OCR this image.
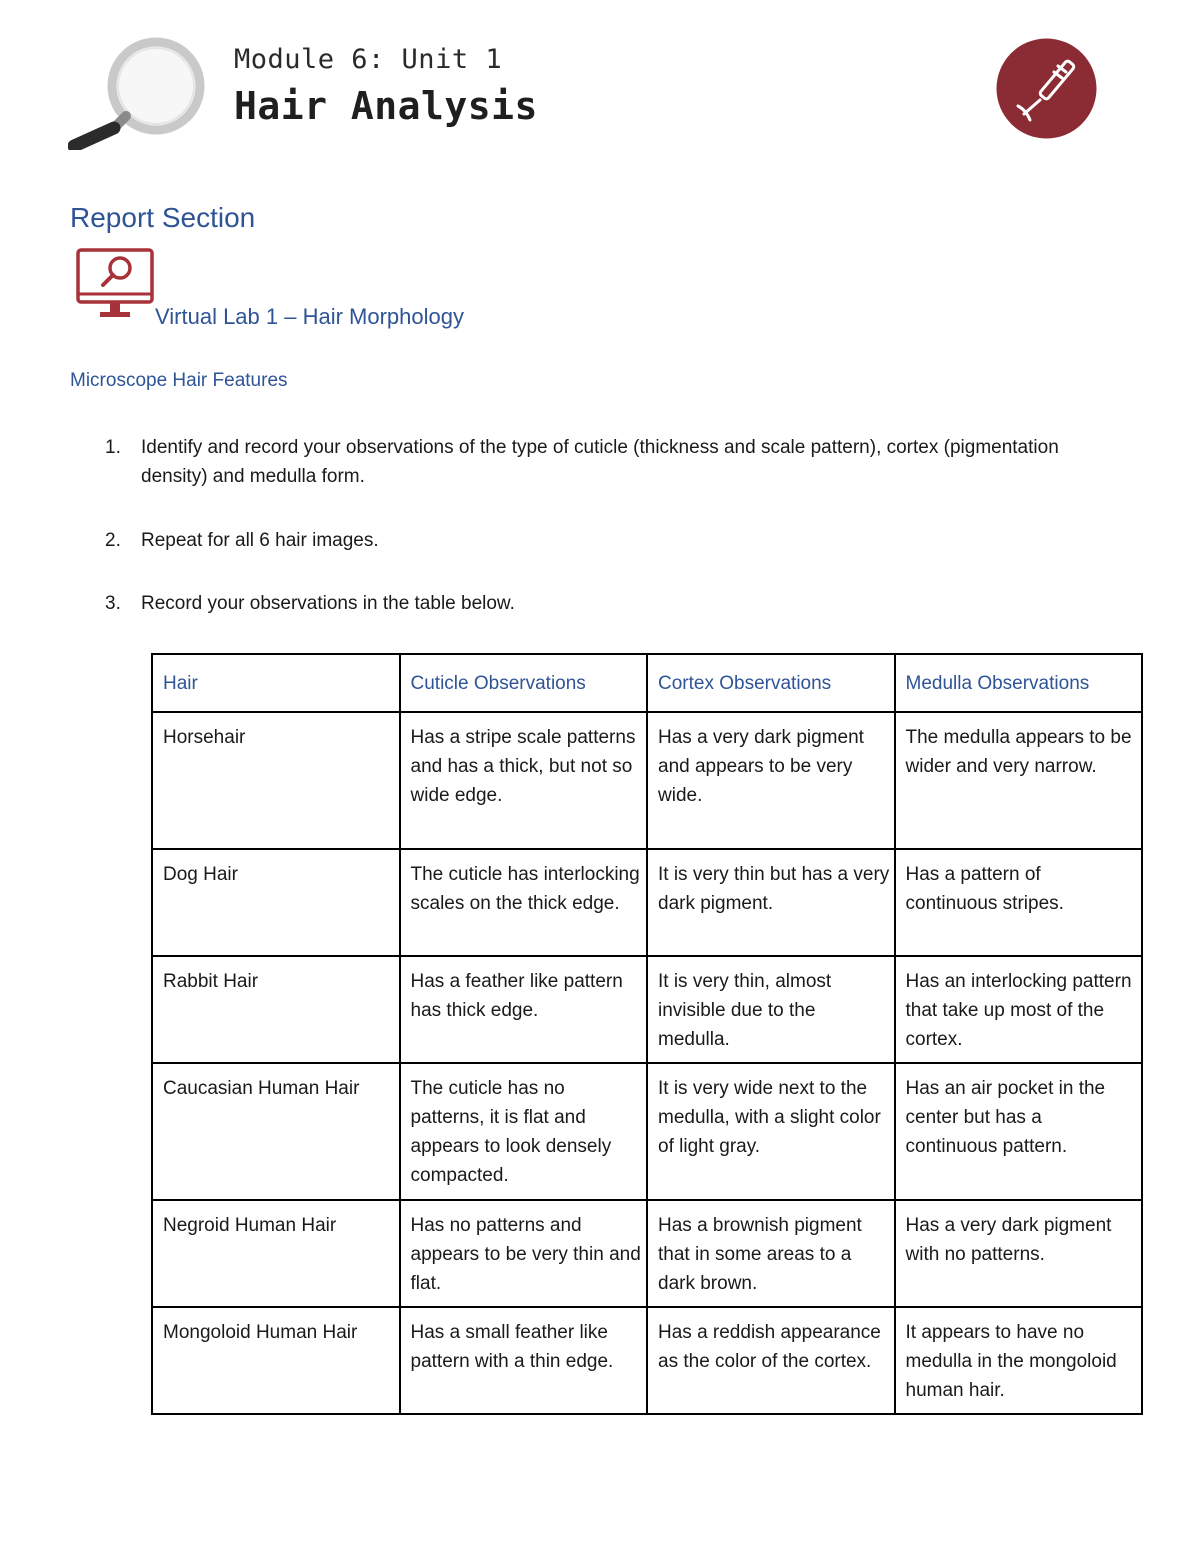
Module 6: Unit 1
Hair Analysis
Report Section
Virtual Lab 1 – Hair Morphology
Microscope Hair Features
1.	Identify and record your observations of the type of cuticle (thickness and scale pattern), cortex (pigmentation density) and medulla form.
2.	Repeat for all 6 hair images.
3.	Record your observations in the table below.
Hair	Cuticle Observations	Cortex Observations	Medulla Observations
Horsehair	Has a stripe scale patterns and has a thick, but not so wide edge.	Has a very dark pigment and appears to be very wide.	The medulla appears to be wider and very narrow.
Dog Hair	The cuticle has interlocking scales on the thick edge.	It is very thin but has a very dark pigment.	Has a pattern of continuous stripes.
Rabbit Hair	Has a feather like pattern has thick edge.	It is very thin, almost invisible due to the medulla.	Has an interlocking pattern that take up most of the cortex.
Caucasian Human Hair	The cuticle has no patterns, it is flat and appears to look densely compacted.	It is very wide next to the medulla, with a slight color of light gray.	Has an air pocket in the center but has a continuous pattern.
Negroid Human Hair	Has no patterns and appears to be very thin and flat.	Has a brownish pigment that in some areas to a dark brown.	Has a very dark pigment with no patterns.
Mongoloid Human Hair	Has a small feather like pattern with a thin edge.	Has a reddish appearance as the color of the cortex.	It appears to have no medulla in the mongoloid human hair.
